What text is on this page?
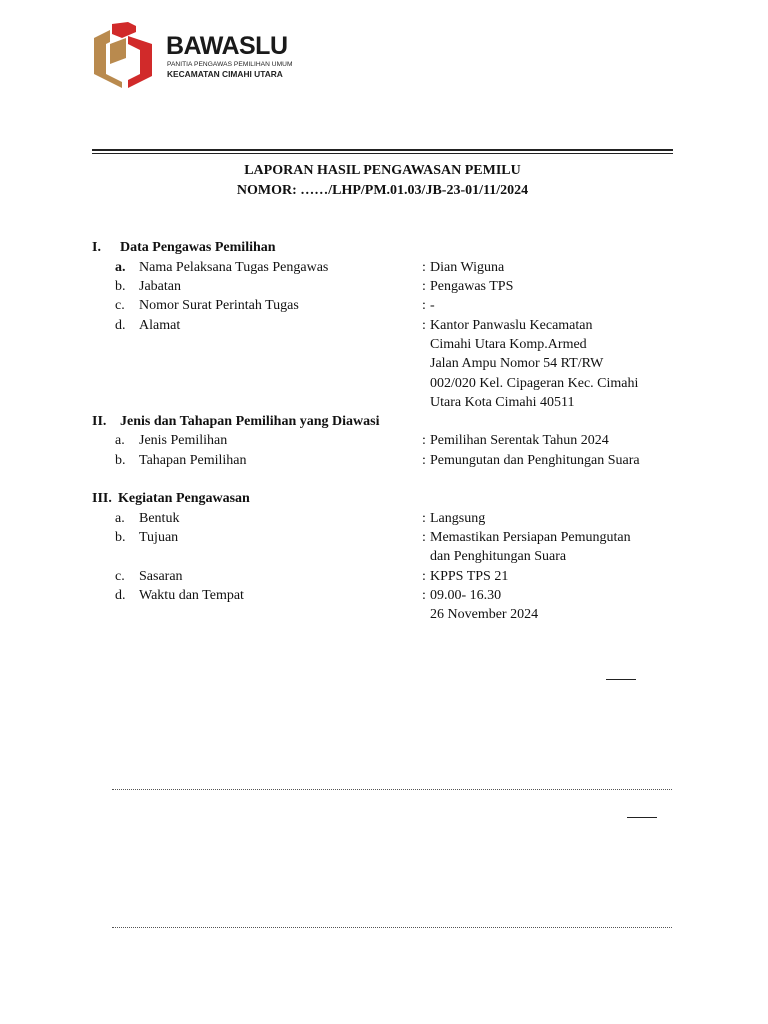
BAWASLU
PANITIA PENGAWAS PEMILIHAN UMUM
KECAMATAN CIMAHI UTARA
LAPORAN HASIL PENGAWASAN PEMILU
NOMOR: ……/LHP/PM.01.03/JB-23-01/11/2024
I. Data Pengawas Pemilihan
a. Nama Pelaksana Tugas Pengawas	: Dian Wiguna
b. Jabatan	: Pengawas TPS
c. Nomor Surat Perintah Tugas	: -
d. Alamat	: Kantor Panwaslu Kecamatan
Cimahi Utara Komp.Armed
Jalan Ampu Nomor 54 RT/RW
002/020 Kel. Cipageran Kec. Cimahi
Utara Kota Cimahi 40511
II. Jenis dan Tahapan Pemilihan yang Diawasi
a. Jenis Pemilihan	: Pemilihan Serentak Tahun 2024
b. Tahapan Pemilihan	: Pemungutan dan Penghitungan Suara
III. Kegiatan Pengawasan
a. Bentuk	: Langsung
b. Tujuan	: Memastikan Persiapan Pemungutan
dan Penghitungan Suara
c. Sasaran	: KPPS TPS 21
d. Waktu dan Tempat	: 09.00- 16.30
26 November 2024
